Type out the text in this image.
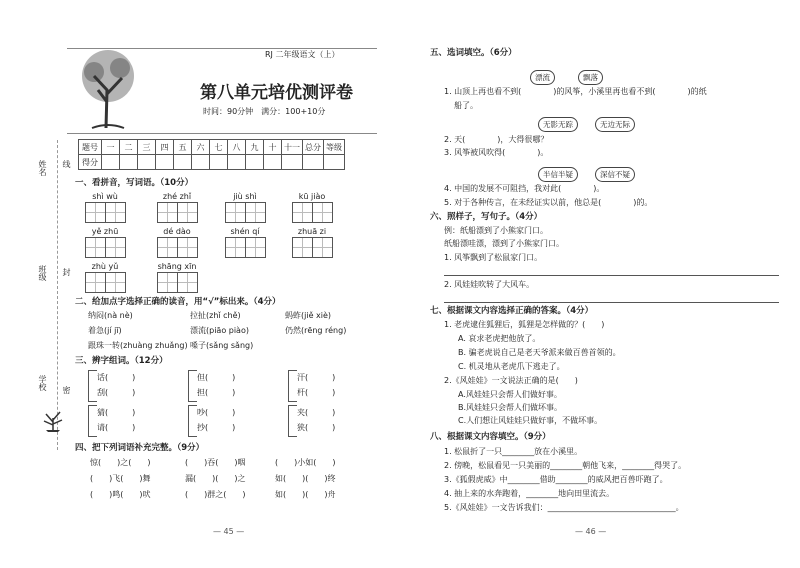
姓名
班级
学校
线
封
密
RJ 二年级语文（上）
第八单元培优测评卷
时间：90分钟　满分：100+10分
题号	一	二	三	四	五	六	七	八	九	十	十一	总分	等级
得分													
一、看拼音，写词语。（10分）
shì wù	zhé zhǐ	jiù shì	kū jiào
yě zhū	dé dào	shén qí	zhuā zi
zhù yǔ	shāng xīn
二、给加点字选择正确的读音，用“√”标出来。（4分）
纳闷(nà nè)	拉扯(zhǐ chě)	蚂蚱(jiě xiè)
着急(jí jī)	漂流(piāo piào)	仍然(rēng réng)
跟珠一转(zhuàng zhuǎng) 嗓子(sǎng sǎng)
三、辨字组词。（12分）
话(　　　)
刮(　　　)
但(　　　)
担(　　　)
汗(　　　)
杆(　　　)
猜(　　　)
请(　　　)
吵(　　　)
抄(　　　)
夹(　　　)
狭(　　　)
四、把下列词语补充完整。（9分）
惊(　　)之(　　)	(　　)吞(　　)咽	(　　)小如(　　)
(　　)飞(　　)舞	漏(　　)(　　)之	如(　　)(　　)终
(　　)鸣(　　)吠	(　　)群之(　　)	如(　　)(　　)舟
— 45 —
五、选词填空。（6分）
漂流	飘落
1. 山顶上再也看不到(　　　　)的风筝，小溪里再也看不到(　　　　)的纸
船了。
无影无踪	无边无际
2. 天(　　　　)，大得很哪？
3. 风筝被风吹得(　　　　)。
半信半疑	深信不疑
4. 中国的发展不可阻挡，我对此(　　　　)。
5. 对于各种传言，在未经证实以前，他总是(　　　　)的。
六、照样子，写句子。（4分）
例：纸船漂到了小熊家门口。
纸船漂哇漂，漂到了小熊家门口。
1. 风筝飘到了松鼠家门口。
2. 风娃娃吹转了大风车。
七、根据课文内容选择正确的答案。（4分）
1. 老虎逮住狐狸后，狐狸是怎样做的？(　　)
A. 哀求老虎把他放了。
B. 骗老虎说自己是老天爷派来做百兽首领的。
C. 机灵地从老虎爪下逃走了。
2.《风娃娃》一文说法正确的是(　　)
A.风娃娃只会帮人们做好事。
B.风娃娃只会帮人们做坏事。
C.人们想让风娃娃只做好事，不做坏事。
八、根据课文内容填空。（9分）
1. 松鼠折了一只________放在小溪里。
2. 傍晚，松鼠看见一只美丽的________朝他飞来，________得哭了。
3.《狐假虎威》中________借助________的威风把百兽吓跑了。
4. 抽上来的水奔跑着，________地向田里流去。
5.《风娃娃》一文告诉我们：________________________________。
— 46 —
